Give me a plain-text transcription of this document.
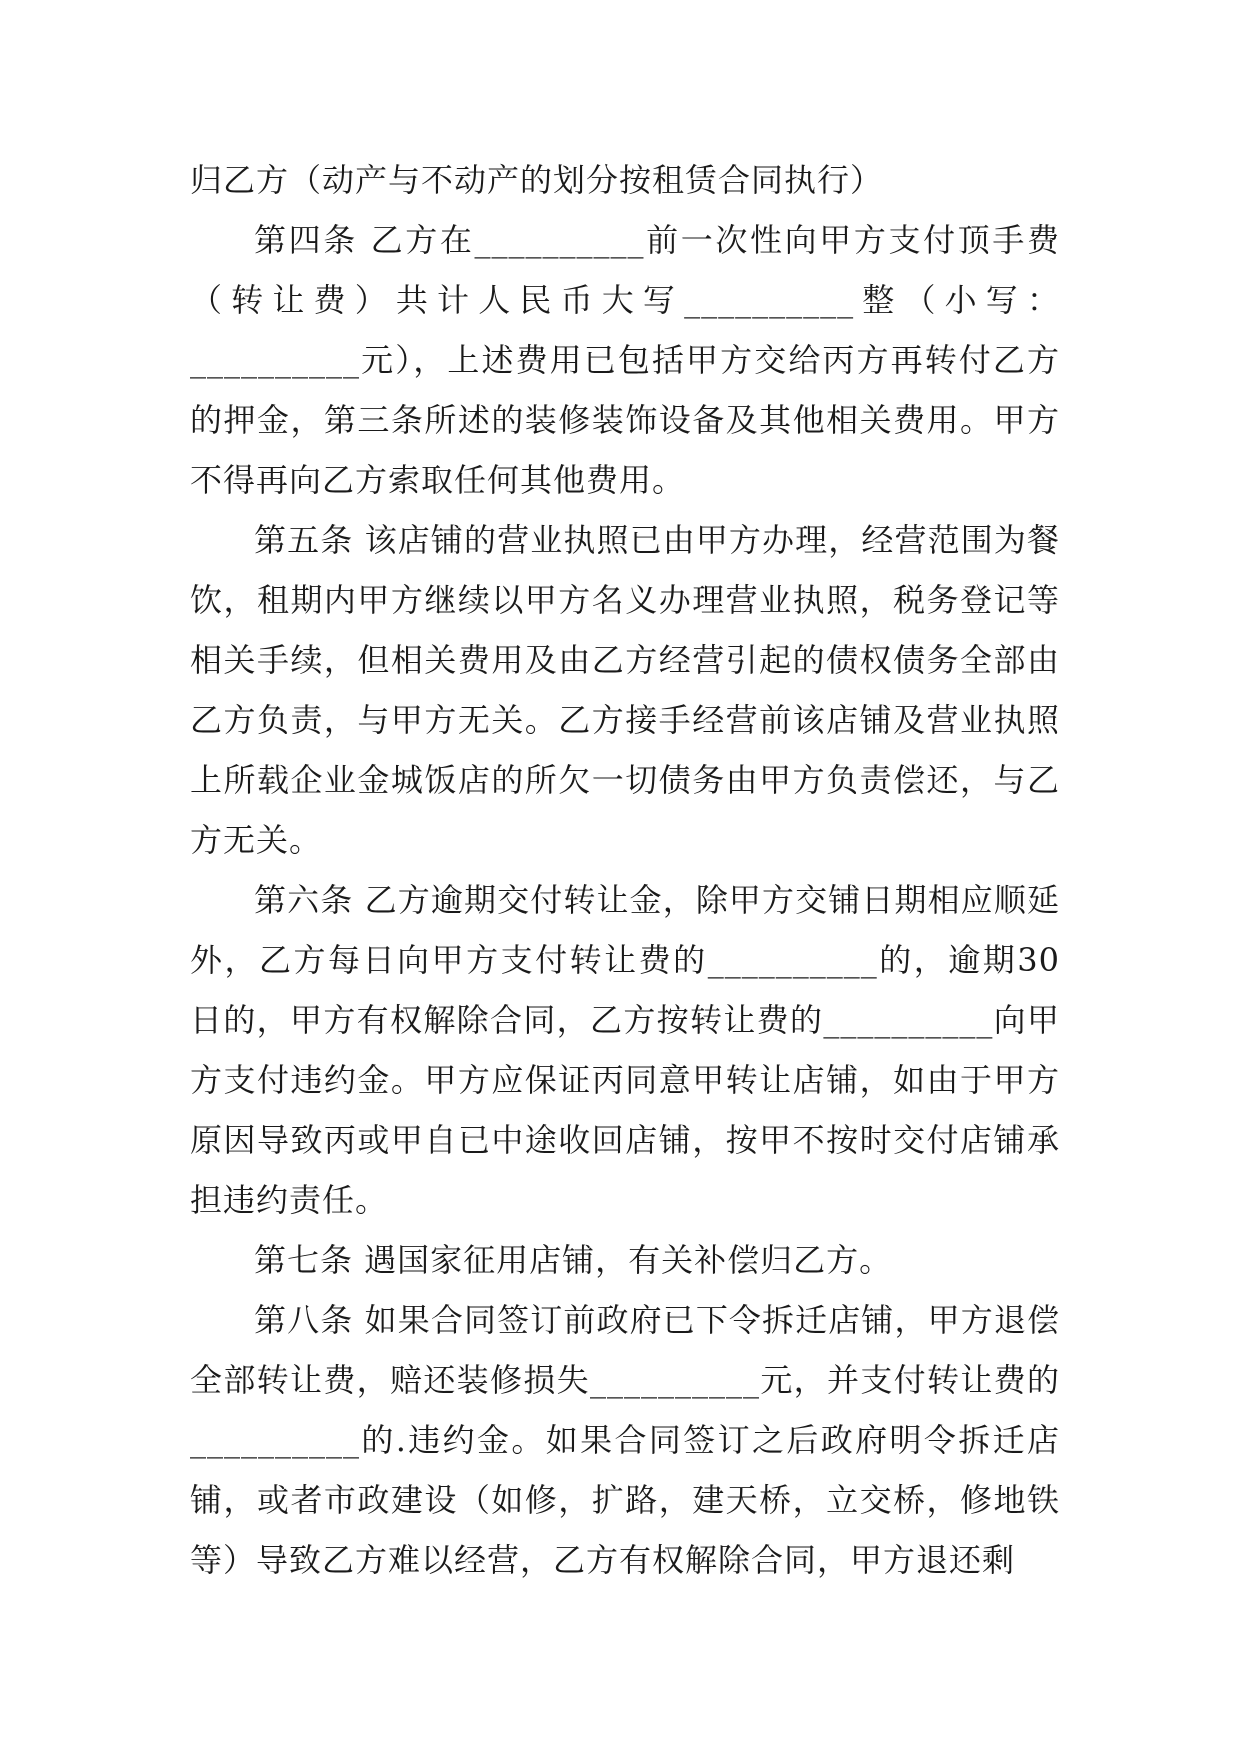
归乙方（动产与不动产的划分按租赁合同执行）

第四条 乙方在__________前一次性向甲方支付顶手费（转让费）共计人民币大写__________整（小写：__________元），上述费用已包括甲方交给丙方再转付乙方的押金，第三条所述的装修装饰设备及其他相关费用。甲方不得再向乙方索取任何其他费用。

第五条 该店铺的营业执照已由甲方办理，经营范围为餐饮，租期内甲方继续以甲方名义办理营业执照，税务登记等相关手续，但相关费用及由乙方经营引起的债权债务全部由乙方负责，与甲方无关。乙方接手经营前该店铺及营业执照上所载企业金城饭店的所欠一切债务由甲方负责偿还，与乙方无关。

第六条 乙方逾期交付转让金，除甲方交铺日期相应顺延外，乙方每日向甲方支付转让费的__________的，逾期30日的，甲方有权解除合同，乙方按转让费的__________向甲方支付违约金。甲方应保证丙同意甲转让店铺，如由于甲方原因导致丙或甲自已中途收回店铺，按甲不按时交付店铺承担违约责任。

第七条 遇国家征用店铺，有关补偿归乙方。

第八条 如果合同签订前政府已下令拆迁店铺，甲方退偿全部转让费，赔还装修损失__________元，并支付转让费的__________的.违约金。如果合同签订之后政府明令拆迁店铺，或者市政建设（如修，扩路，建天桥，立交桥，修地铁等）导致乙方难以经营，乙方有权解除合同，甲方退还剩
